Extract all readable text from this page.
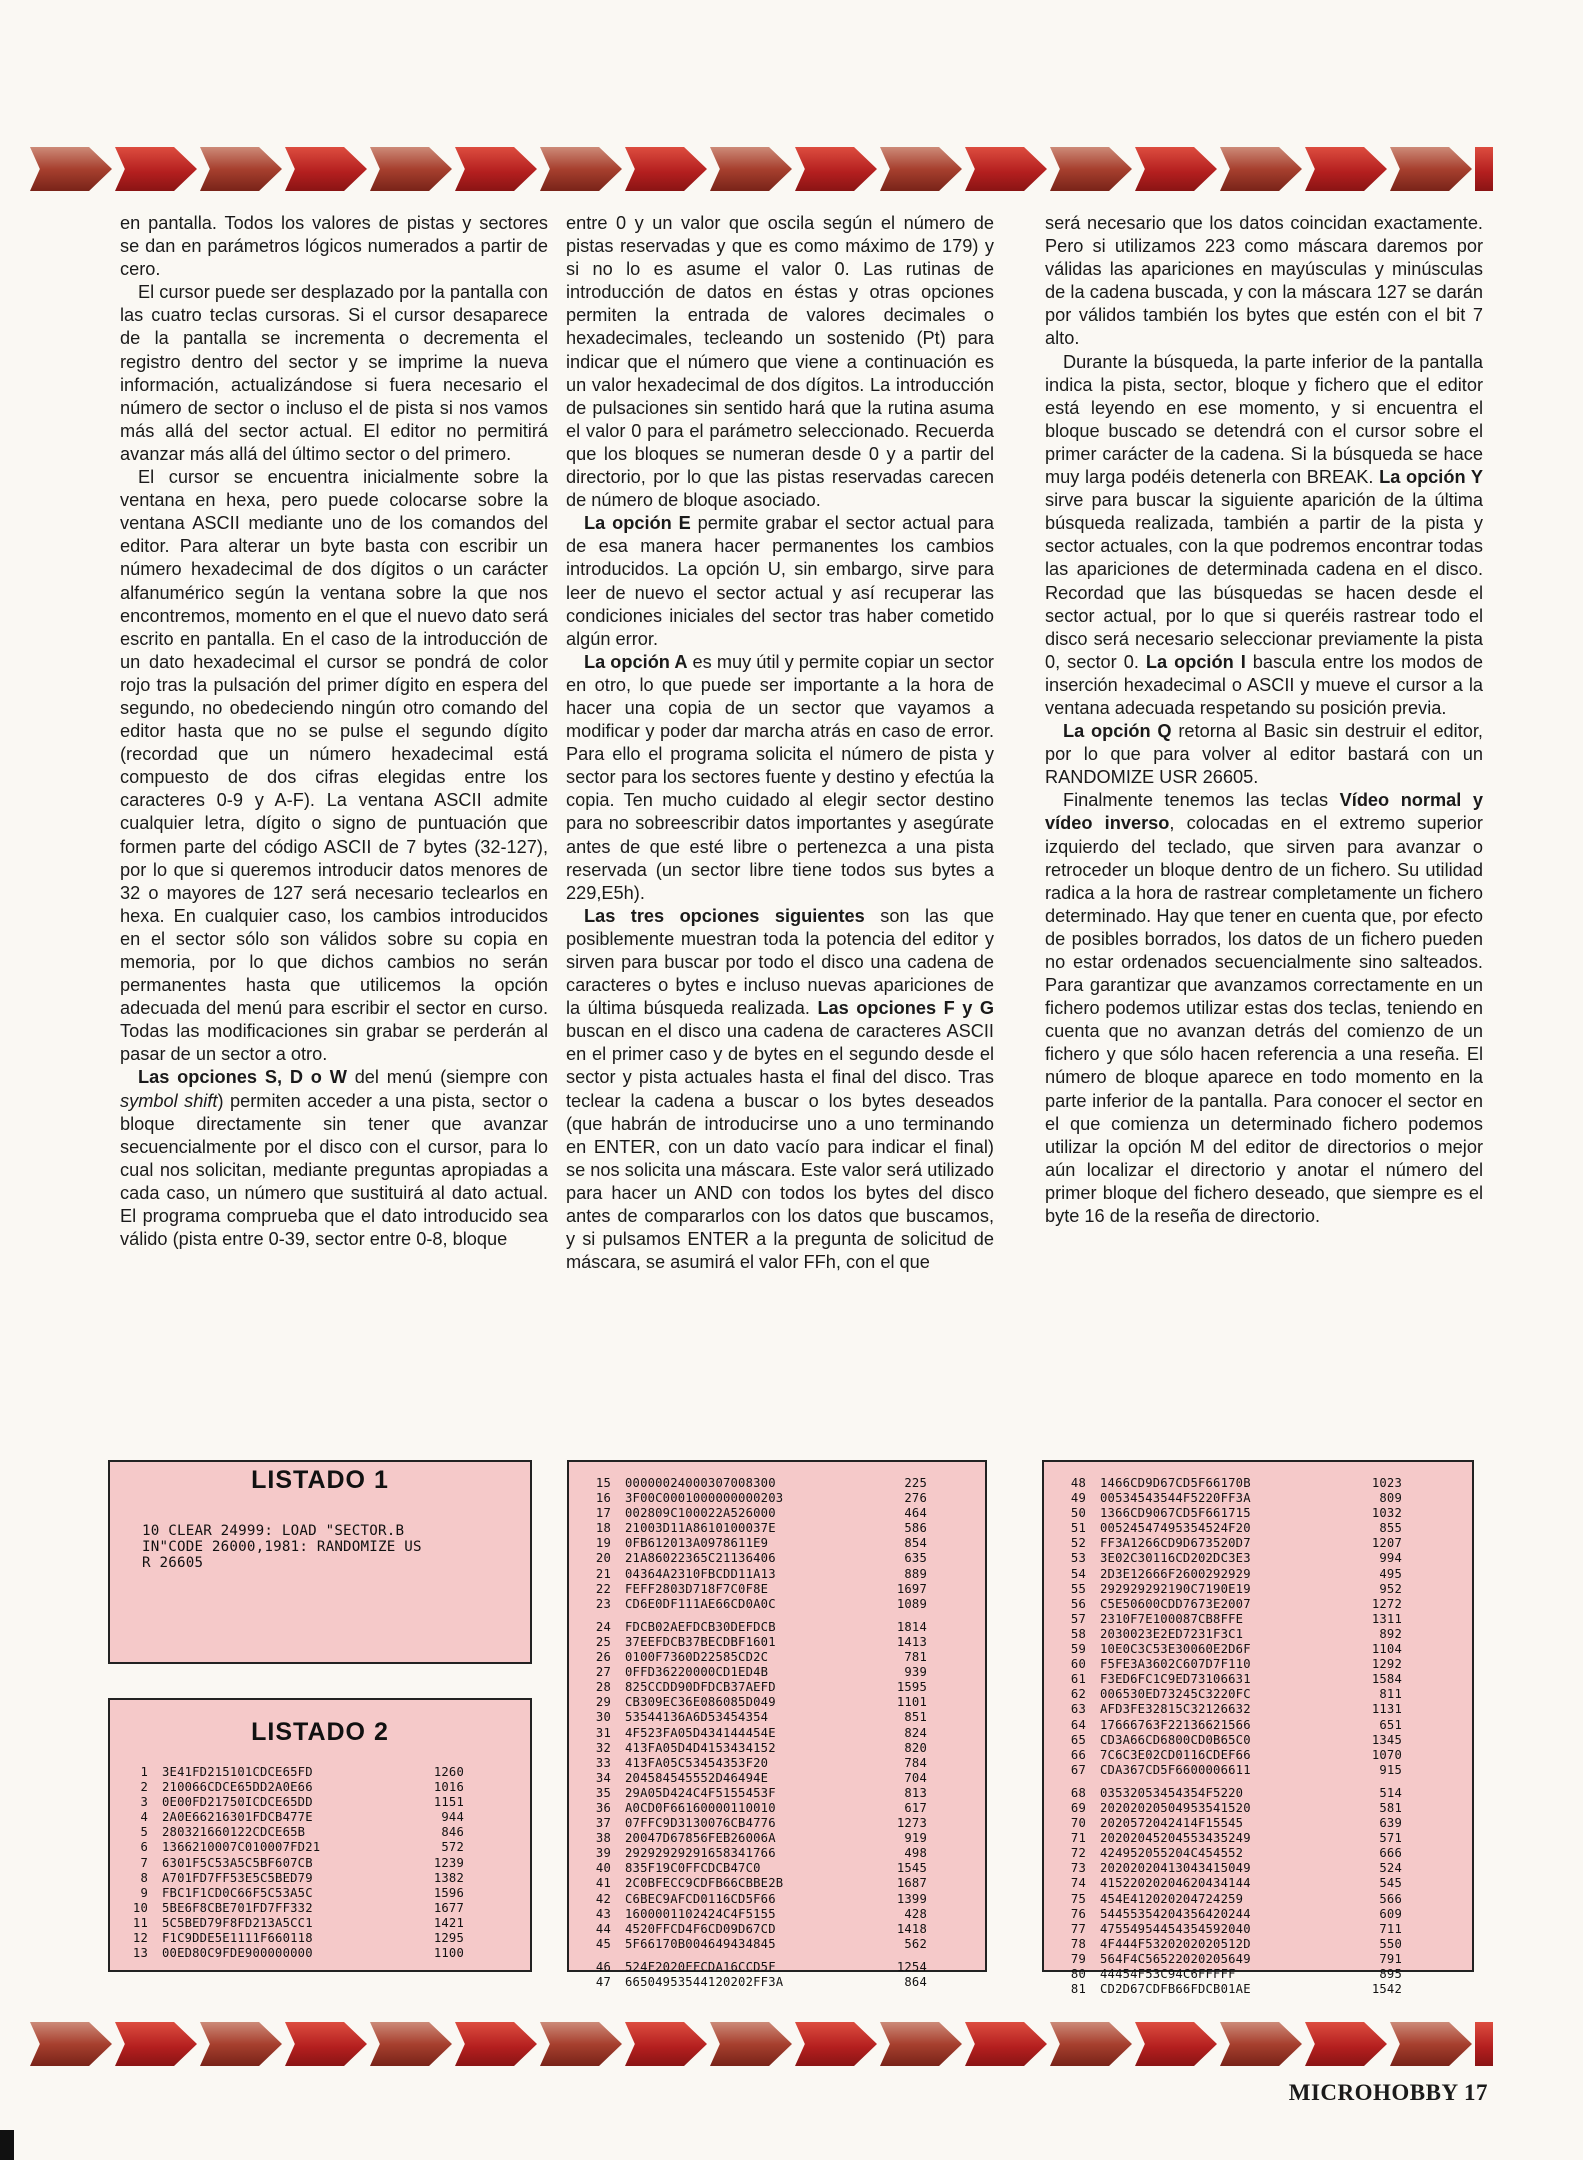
en pantalla. Todos los valores de pistas y sectores se dan en parámetros lógicos numerados a partir de cero.

El cursor puede ser desplazado por la pantalla con las cuatro teclas cursoras. Si el cursor desaparece de la pantalla se incrementa o decrementa el registro dentro del sector y se imprime la nueva información, actualizándose si fuera necesario el número de sector o incluso el de pista si nos vamos más allá del sector actual. El editor no permitirá avanzar más allá del último sector o del primero.

El cursor se encuentra inicialmente sobre la ventana en hexa, pero puede colocarse sobre la ventana ASCII mediante uno de los comandos del editor. Para alterar un byte basta con escribir un número hexadecimal de dos dígitos o un carácter alfanumérico según la ventana sobre la que nos encontremos, momento en el que el nuevo dato será escrito en pantalla. En el caso de la introducción de un dato hexadecimal el cursor se pondrá de color rojo tras la pulsación del primer dígito en espera del segundo, no obedeciendo ningún otro comando del editor hasta que no se pulse el segundo dígito (recordad que un número hexadecimal está compuesto de dos cifras elegidas entre los caracteres 0-9 y A-F). La ventana ASCII admite cualquier letra, dígito o signo de puntuación que formen parte del código ASCII de 7 bytes (32-127), por lo que si queremos introducir datos menores de 32 o mayores de 127 será necesario teclearlos en hexa. En cualquier caso, los cambios introducidos en el sector sólo son válidos sobre su copia en memoria, por lo que dichos cambios no serán permanentes hasta que utilicemos la opción adecuada del menú para escribir el sector en curso. Todas las modificaciones sin grabar se perderán al pasar de un sector a otro.

Las opciones S, D o W del menú (siempre con symbol shift) permiten acceder a una pista, sector o bloque directamente sin tener que avanzar secuencialmente por el disco con el cursor, para lo cual nos solicitan, mediante preguntas apropiadas a cada caso, un número que sustituirá al dato actual. El programa comprueba que el dato introducido sea válido (pista entre 0-39, sector entre 0-8, bloque

entre 0 y un valor que oscila según el número de pistas reservadas y que es como máximo de 179) y si no lo es asume el valor 0. Las rutinas de introducción de datos en éstas y otras opciones permiten la entrada de valores decimales o hexadecimales, tecleando un sostenido (Pt) para indicar que el número que viene a continuación es un valor hexadecimal de dos dígitos. La introducción de pulsaciones sin sentido hará que la rutina asuma el valor 0 para el parámetro seleccionado. Recuerda que los bloques se numeran desde 0 y a partir del directorio, por lo que las pistas reservadas carecen de número de bloque asociado.

La opción E permite grabar el sector actual para de esa manera hacer permanentes los cambios introducidos. La opción U, sin embargo, sirve para leer de nuevo el sector actual y así recuperar las condiciones iniciales del sector tras haber cometido algún error.

La opción A es muy útil y permite copiar un sector en otro, lo que puede ser importante a la hora de hacer una copia de un sector que vayamos a modificar y poder dar marcha atrás en caso de error. Para ello el programa solicita el número de pista y sector para los sectores fuente y destino y efectúa la copia. Ten mucho cuidado al elegir sector destino para no sobreescribir datos importantes y asegúrate antes de que esté libre o pertenezca a una pista reservada (un sector libre tiene todos sus bytes a 229,E5h).

Las tres opciones siguientes son las que posiblemente muestran toda la potencia del editor y sirven para buscar por todo el disco una cadena de caracteres o bytes e incluso nuevas apariciones de la última búsqueda realizada. Las opciones F y G buscan en el disco una cadena de caracteres ASCII en el primer caso y de bytes en el segundo desde el sector y pista actuales hasta el final del disco. Tras teclear la cadena a buscar o los bytes deseados (que habrán de introducirse uno a uno terminando en ENTER, con un dato vacío para indicar el final) se nos solicita una máscara. Este valor será utilizado para hacer un AND con todos los bytes del disco antes de compararlos con los datos que buscamos, y si pulsamos ENTER a la pregunta de solicitud de máscara, se asumirá el valor FFh, con el que

será necesario que los datos coincidan exactamente. Pero si utilizamos 223 como máscara daremos por válidas las apariciones en mayúsculas y minúsculas de la cadena buscada, y con la máscara 127 se darán por válidos también los bytes que estén con el bit 7 alto.

Durante la búsqueda, la parte inferior de la pantalla indica la pista, sector, bloque y fichero que el editor está leyendo en ese momento, y si encuentra el bloque buscado se detendrá con el cursor sobre el primer carácter de la cadena. Si la búsqueda se hace muy larga podéis detenerla con BREAK. La opción Y sirve para buscar la siguiente aparición de la última búsqueda realizada, también a partir de la pista y sector actuales, con la que podremos encontrar todas las apariciones de determinada cadena en el disco. Recordad que las búsquedas se hacen desde el sector actual, por lo que si queréis rastrear todo el disco será necesario seleccionar previamente la pista 0, sector 0. La opción I bascula entre los modos de inserción hexadecimal o ASCII y mueve el cursor a la ventana adecuada respetando su posición previa.

La opción Q retorna al Basic sin destruir el editor, por lo que para volver al editor bastará con un RANDOMIZE USR 26605.

Finalmente tenemos las teclas Vídeo normal y vídeo inverso, colocadas en el extremo superior izquierdo del teclado, que sirven para avanzar o retroceder un bloque dentro de un fichero. Su utilidad radica a la hora de rastrear completamente un fichero determinado. Hay que tener en cuenta que, por efecto de posibles borrados, los datos de un fichero pueden no estar ordenados secuencialmente sino salteados. Para garantizar que avanzamos correctamente en un fichero podemos utilizar estas dos teclas, teniendo en cuenta que no avanzan detrás del comienzo de un fichero y que sólo hacen referencia a una reseña. El número de bloque aparece en todo momento en la parte inferior de la pantalla. Para conocer el sector en el que comienza un determinado fichero podemos utilizar la opción M del editor de directorios o mejor aún localizar el directorio y anotar el número del primer bloque del fichero deseado, que siempre es el byte 16 de la reseña de directorio.

LISTADO 1
10 CLEAR 24999: LOAD "SECTOR.B
IN"CODE 26000,1981: RANDOMIZE US
R 26605
LISTADO 2
1 3E41FD215101CDCE65FD	1260
2 210066CDCE65DD2A0E66	1016
3 0E00FD21750ICDCE65DD	1151
4 2A0E66216301FDCB477E	944
5 280321660122CDCE65B	846
6 1366210007C010007FD21	572
7 6301F5C53A5C5BF607CB	1239
8 A701FD7FF53E5C5BED79	1382
9 FBC1F1CD0C66F5C53A5C	1596
10 5BE6F8CBE701FD7FF332	1677
11 5C5BED79F8FD213A5CC1	1421
12 F1C9DDE5E1111F660118	1295
13 00ED80C9FDE900000000	1100
15 00000024000307008300	225
16 3F00C0001000000000203	276
17 002809C100022A526000	464
18 21003D11A8610100037E	586
19 0FB612013A0978611E9	854
20 21A86022365C21136406	635
21 04364A2310FBCDD11A13	889
22 FEFF2803D718F7C0F8E	1697
23 CD6E0DF111AE66CD0A0C	1089
24 FDCB02AEFDCB30DEFDCB	1814
25 37EEFDCB37BECDBF1601	1413
26 0100F7360D22585CD2C	781
27 0FFD36220000CD1ED4B	939
28 825CCDD90DFDCB37AEFD	1595
29 CB309EC36E086085D049	1101
30 53544136A6D53454354	851
31 4F523FA05D434144454E	824
32 413FA05D4D4153434152	820
33 413FA05C53454353F20	784
34 204584545552D46494E	704
35 29A05D424C4F5155453F	813
36 A0CD0F66160000110010	617
37 07FFC9D3130076CB4776	1273
38 20047D67856FEB26006A	919
39 29292929291658341766	498
40 835F19C0FFCDCB47C0	1545
41 2C0BFECC9CDFB66CBBE2B	1687
42 C6BEC9AFCD0116CD5F66	1399
43 1600001102424C4F5155	428
44 4520FFCD4F6CD09D67CD	1418
45 5F66170B004649434845	562
46 524F2020FFCDA16CCD5F	1254
47 66504953544120202FF3A	864
48 1466CD9D67CD5F66170B	1023
49 00534543544F5220FF3A	809
50 1366CD9067CD5F661715	1032
51 00524547495354524F20	855
52 FF3A1266CD9D673520D7	1207
53 3E02C30116CD202DC3E3	994
54 2D3E12666F2600292929	495
55 292929292190C7190E19	952
56 C5E50600CDD7673E2007	1272
57 2310F7E100087CB8FFE	1311
58 2030023E2ED7231F3C1	892
59 10E0C3C53E30060E2D6F	1104
60 F5FE3A3602C607D7F110	1292
61 F3ED6FC1C9ED73106631	1584
62 006530ED73245C3220FC	811
63 AFD3FE32815C32126632	1131
64 17666763F22136621566	651
65 CD3A66CD6800CD0B65C0	1345
66 7C6C3E02CD0116CDEF66	1070
67 CDA367CD5F6600006611	915
68 03532053454354F5220	514
69 20202020504953541520	581
70 2020572042414F15545	639
71 20202045204553435249	571
72 424952055204C454552	666
73 20202020413043415049	524
74 41522020204620434144	545
75 454E412020204724259	566
76 54455354204356420244	609
77 47554954454354592040	711
78 4F444F5320202020512D	550
79 564F4C56522020205649	791
80 44454F53C94C6FFFFF	895
81 CD2D67CDFB66FDCB01AE	1542
MICROHOBBY 17
